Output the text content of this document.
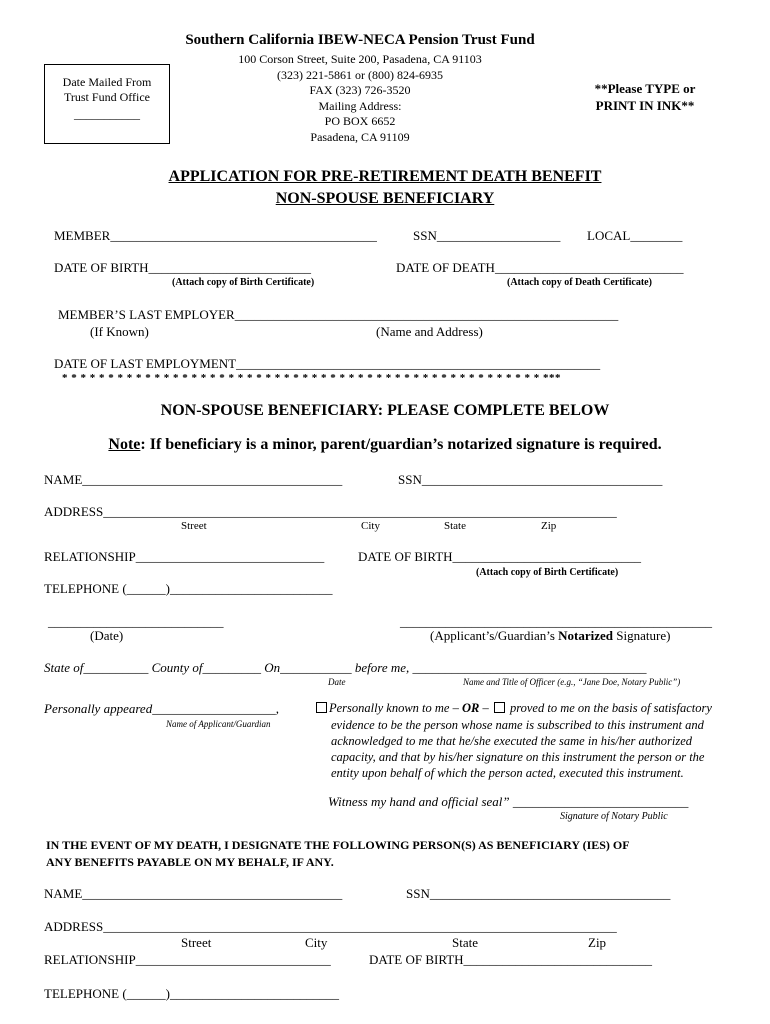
Southern California IBEW-NECA Pension Trust Fund
100 Corson Street, Suite 200, Pasadena, CA 91103
(323) 221-5861 or (800) 824-6935
FAX (323) 726-3520
Mailing Address:
PO BOX 6652
Pasadena, CA 91109
Date Mailed From
Trust Fund Office
___________
**Please TYPE or
PRINT IN INK**
APPLICATION FOR PRE-RETIREMENT DEATH BENEFIT
NON-SPOUSE BENEFICIARY
MEMBER_________________________________________	SSN___________________ LOCAL________
DATE OF BIRTH_________________________
(Attach copy of Birth Certificate)
DATE OF DEATH_____________________________
(Attach copy of Death Certificate)
MEMBER’S LAST EMPLOYER___________________________________________________________
(If Known)	(Name and Address)
DATE OF LAST EMPLOYMENT________________________________________________________
* * * * * * * * * * * * * * * * * * * * * * * * * * * * * * * * * * * * * * * * * * * * * * * * * * * * ***
NON-SPOUSE BENEFICIARY: PLEASE COMPLETE BELOW
Note: If beneficiary is a minor, parent/guardian’s notarized signature is required.
NAME________________________________________	SSN_____________________________________
ADDRESS_______________________________________________________________________________
Street	City	State	Zip
RELATIONSHIP_____________________________	DATE OF BIRTH_____________________________
(Attach copy of Birth Certificate)
TELEPHONE (______)_________________________
___________________________
(Date)
________________________________________________
(Applicant’s/Guardian’s Notarized Signature)
State of__________ County of_________ On___________ before me, ____________________________________
Date	Name and Title of Officer (e.g., “Jane Doe, Notary Public”)
Personally appeared___________________,
Name of Applicant/Guardian
Personally known to me – OR –  proved to me on the basis of satisfactory
evidence to be the person whose name is subscribed to this instrument and
acknowledged to me that he/she executed the same in his/her authorized
capacity, and that by his/her signature on this instrument the person or the
entity upon behalf of which the person acted, executed this instrument.
Witness my hand and official seal” ___________________________
Signature of Notary Public
IN THE EVENT OF MY DEATH, I DESIGNATE THE FOLLOWING PERSON(S) AS BENEFICIARY (IES) OF
ANY BENEFITS PAYABLE ON MY BEHALF, IF ANY.
NAME________________________________________	SSN_____________________________________
ADDRESS_______________________________________________________________________________
Street	City	State	Zip
RELATIONSHIP______________________________	DATE OF BIRTH_____________________________
TELEPHONE (______)__________________________
